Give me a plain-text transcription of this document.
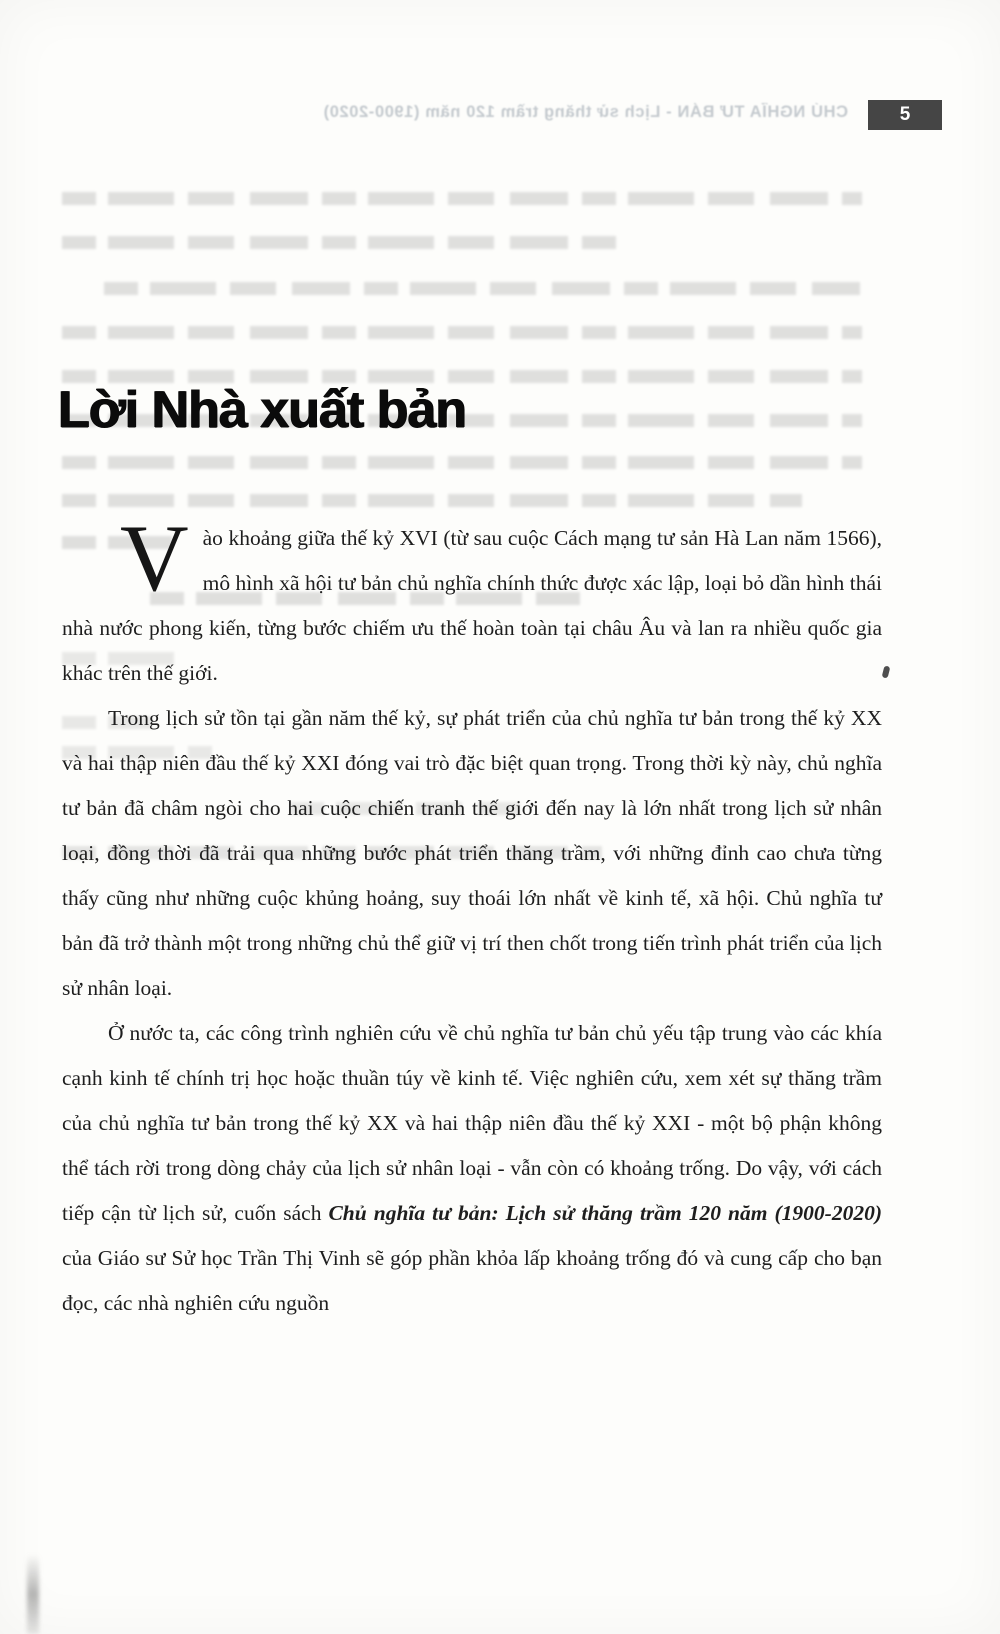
CHỦ NGHĨA TƯ BẢN - Lịch sử thăng trầm 120 năm (1900-2020)	5
Lời Nhà xuất bản

V ào khoảng giữa thế kỷ XVI (từ sau cuộc Cách mạng tư sản Hà Lan năm 1566), mô hình xã hội tư bản chủ nghĩa chính thức được xác lập, loại bỏ dần hình thái nhà nước phong kiến, từng bước chiếm ưu thế hoàn toàn tại châu Âu và lan ra nhiều quốc gia khác trên thế giới.

Trong lịch sử tồn tại gần năm thế kỷ, sự phát triển của chủ nghĩa tư bản trong thế kỷ XX và hai thập niên đầu thế kỷ XXI đóng vai trò đặc biệt quan trọng. Trong thời kỳ này, chủ nghĩa tư bản đã châm ngòi cho hai cuộc chiến tranh thế giới đến nay là lớn nhất trong lịch sử nhân loại, đồng thời đã trải qua những bước phát triển thăng trầm, với những đỉnh cao chưa từng thấy cũng như những cuộc khủng hoảng, suy thoái lớn nhất về kinh tế, xã hội. Chủ nghĩa tư bản đã trở thành một trong những chủ thể giữ vị trí then chốt trong tiến trình phát triển của lịch sử nhân loại.

Ở nước ta, các công trình nghiên cứu về chủ nghĩa tư bản chủ yếu tập trung vào các khía cạnh kinh tế chính trị học hoặc thuần túy về kinh tế. Việc nghiên cứu, xem xét sự thăng trầm của chủ nghĩa tư bản trong thế kỷ XX và hai thập niên đầu thế kỷ XXI - một bộ phận không thể tách rời trong dòng chảy của lịch sử nhân loại - vẫn còn có khoảng trống. Do vậy, với cách tiếp cận từ lịch sử, cuốn sách Chủ nghĩa tư bản: Lịch sử thăng trầm 120 năm (1900-2020) của Giáo sư Sử học Trần Thị Vinh sẽ góp phần khỏa lấp khoảng trống đó và cung cấp cho bạn đọc, các nhà nghiên cứu nguồn
